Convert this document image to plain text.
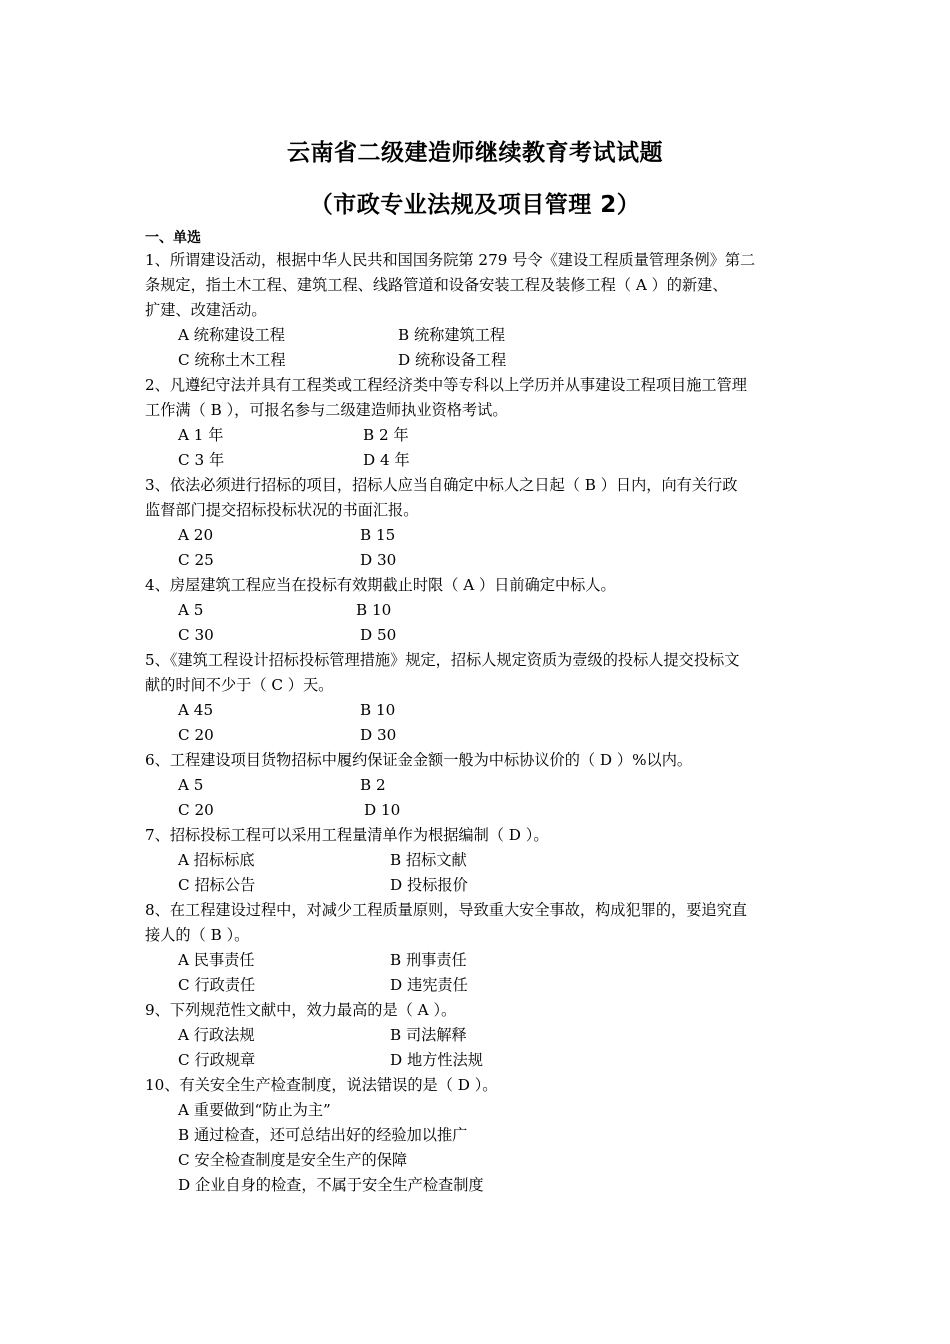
云南省二级建造师继续教育考试试题
（市政专业法规及项目管理 2）
一、单选
1、所谓建设活动，根据中华人民共和国国务院第 279 号令《建设工程质量管理条例》第二
条规定，指土木工程、建筑工程、线路管道和设备安装工程及装修工程（ A ）的新建、
扩建、改建活动。
A 统称建设工程	B 统称建筑工程
C 统称土木工程	D 统称设备工程
2、凡遵纪守法并具有工程类或工程经济类中等专科以上学历并从事建设工程项目施工管理
工作满（ B ），可报名参与二级建造师执业资格考试。
A 1 年	B 2 年
C 3 年	D 4 年
3、依法必须进行招标的项目，招标人应当自确定中标人之日起（ B ）日内，向有关行政
监督部门提交招标投标状况的书面汇报。
A 20	B 15
C 25	D 30
4、房屋建筑工程应当在投标有效期截止时限（ A ）日前确定中标人。
A 5	B 10
C 30	D 50
5、《建筑工程设计招标投标管理措施》规定，招标人规定资质为壹级的投标人提交投标文
献的时间不少于（ C ）天。
A 45	B 10
C 20	D 30
6、工程建设项目货物招标中履约保证金金额一般为中标协议价的（ D ）%以内。
A 5	B 2
C 20	D 10
7、招标投标工程可以采用工程量清单作为根据编制（ D ）。
A 招标标底	B 招标文献
C 招标公告	D 投标报价
8、在工程建设过程中，对减少工程质量原则，导致重大安全事故，构成犯罪的，要追究直
接人的（ B ）。
A 民事责任	B 刑事责任
C 行政责任	D 违宪责任
9、下列规范性文献中，效力最高的是（ A ）。
A 行政法规	B 司法解释
C 行政规章	D 地方性法规
10、有关安全生产检查制度，说法错误的是（ D ）。
A 重要做到“防止为主”
B 通过检查，还可总结出好的经验加以推广
C 安全检查制度是安全生产的保障
D 企业自身的检查，不属于安全生产检查制度
